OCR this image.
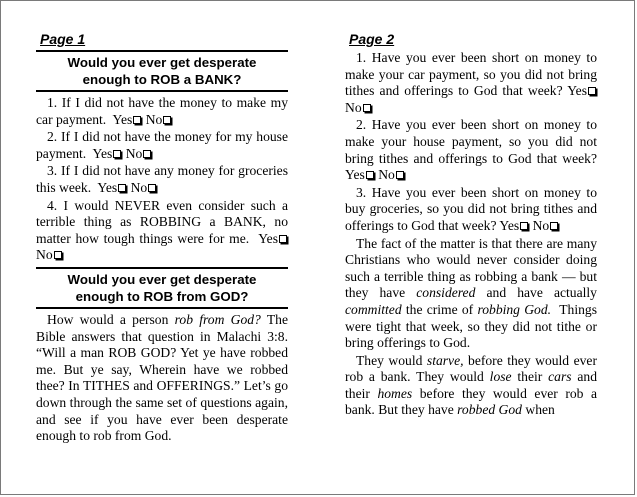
Page 1
Would you ever get desperate
enough to ROB a BANK?
1. If I did not have the money to make my car payment. Yes No
2. If I did not have the money for my house payment. Yes No
3. If I did not have any money for groceries this week. Yes No
4. I would NEVER even consider such a terrible thing as ROBBING a BANK, no matter how tough things were for me. Yes No
Would you ever get desperate
enough to ROB from GOD?
How would a person rob from God? The Bible answers that question in Malachi 3:8. “Will a man ROB GOD? Yet ye have robbed me. But ye say, Wherein have we robbed thee? In TITHES and OFFERINGS.” Let’s go down through the same set of questions again, and see if you have ever been desperate enough to rob from God.
Page 2
1. Have you ever been short on money to make your car payment, so you did not bring tithes and offerings to God that week? Yes No
2. Have you ever been short on money to make your house payment, so you did not bring tithes and offerings to God that week? Yes No
3. Have you ever been short on money to buy groceries, so you did not bring tithes and offerings to God that week? Yes No
The fact of the matter is that there are many Christians who would never consider doing such a terrible thing as robbing a bank — but they have considered and have actually committed the crime of robbing God. Things were tight that week, so they did not tithe or bring offerings to God.
They would starve, before they would ever rob a bank. They would lose their cars and their homes before they would ever rob a bank. But they have robbed God when
